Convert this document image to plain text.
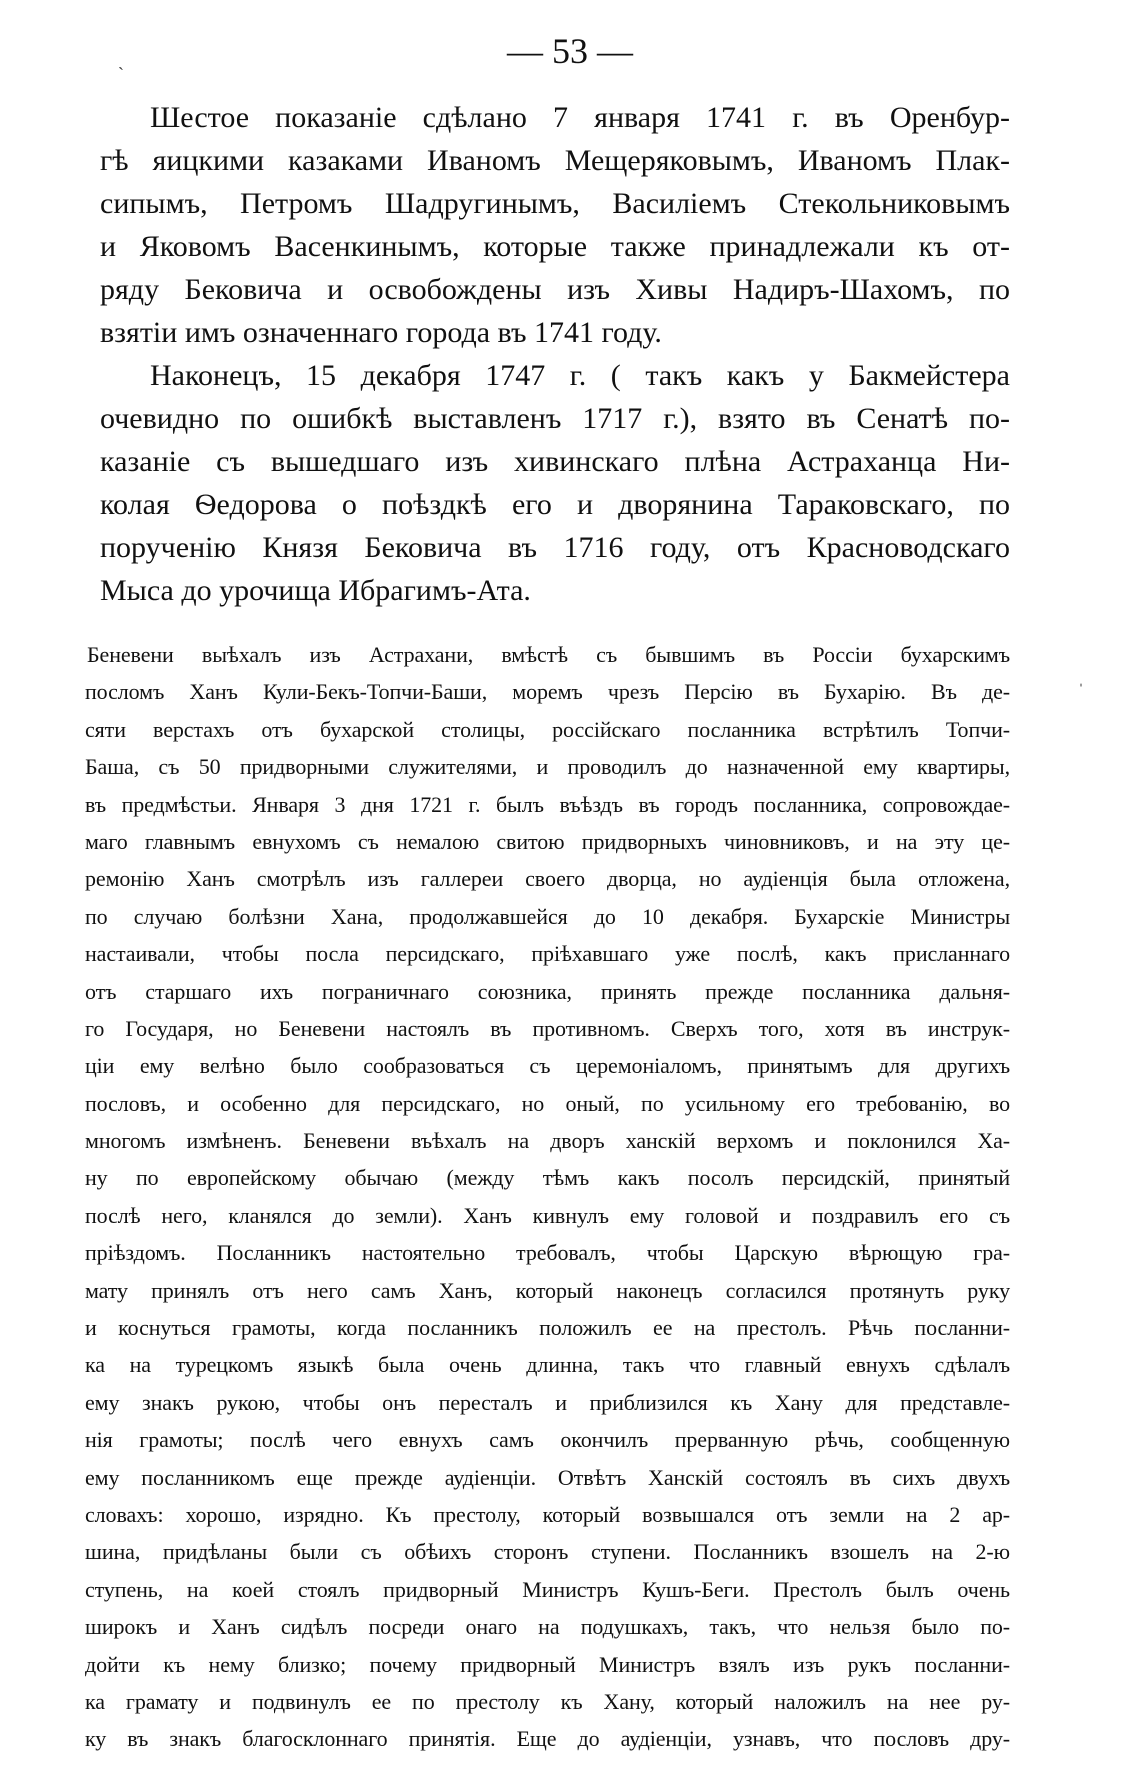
— 53 —
ˎ
ˈ
Шестое показаніе сдѣлано 7 января 1741 г. въ Оренбур-
гѣ яицкими казаками Иваномъ Мещеряковымъ, Иваномъ Плак-
сипымъ, Петромъ Шадругинымъ, Василіемъ Стекольниковымъ
и Яковомъ Васенкинымъ, которые также принадлежали къ от-
ряду Бековича и освобождены изъ Хивы Надиръ-Шахомъ, по
взятіи имъ означеннаго города въ 1741 году.
Наконецъ, 15 декабря 1747 г. ( такъ какъ у Бакмейстера
очевидно по ошибкѣ выставленъ 1717 г.), взято въ Сенатѣ по-
казаніе съ вышедшаго изъ хивинскаго плѣна Астраханца Ни-
колая Ѳедорова о поѣздкѣ его и дворянина Тараковскаго, по
порученію Князя Бековича въ 1716 году, отъ Красноводскаго
Мыса до урочища Ибрагимъ-Ата.
Беневени выѣхалъ изъ Астрахани, вмѣстѣ съ бывшимъ въ Россіи бухарскимъ
посломъ Ханъ Кули-Бекъ-Топчи-Баши, моремъ чрезъ Персію въ Бухарію. Въ де-
сяти верстахъ отъ бухарской столицы, россійскаго посланника встрѣтилъ Топчи-
Баша, съ 50 придворными служителями, и проводилъ до назначенной ему квартиры,
въ предмѣстьи. Января 3 дня 1721 г. былъ въѣздъ въ городъ посланника, сопровождае-
маго главнымъ евнухомъ съ немалою свитою придворныхъ чиновниковъ, и на эту це-
ремонію Ханъ смотрѣлъ изъ галлереи своего дворца, но аудіенція была отложена,
по случаю болѣзни Хана, продолжавшейся до 10 декабря. Бухарскіе Министры
настаивали, чтобы посла персидскаго, пріѣхавшаго уже послѣ, какъ присланнаго
отъ старшаго ихъ пограничнаго союзника, принять прежде посланника дальня-
го Государя, но Беневени настоялъ въ противномъ. Сверхъ того, хотя въ инструк-
ціи ему велѣно было сообразоваться съ церемоніаломъ, принятымъ для другихъ
пословъ, и особенно для персидскаго, но оный, по усильному его требованію, во
многомъ измѣненъ. Беневени въѣхалъ на дворъ ханскій верхомъ и поклонился Ха-
ну по европейскому обычаю (между тѣмъ какъ посолъ персидскій, принятый
послѣ него, кланялся до земли). Ханъ кивнулъ ему головой и поздравилъ его съ
пріѣздомъ. Посланникъ настоятельно требовалъ, чтобы Царскую вѣрющую гра-
мату принялъ отъ него самъ Ханъ, который наконецъ согласился протянуть руку
и коснуться грамоты, когда посланникъ положилъ ее на престолъ. Рѣчь посланни-
ка на турецкомъ языкѣ была очень длинна, такъ что главный евнухъ сдѣлалъ
ему знакъ рукою, чтобы онъ пересталъ и приблизился къ Хану для представле-
нія грамоты; послѣ чего евнухъ самъ окончилъ прерванную рѣчь, сообщенную
ему посланникомъ еще прежде аудіенціи. Отвѣтъ Ханскій состоялъ въ сихъ двухъ
словахъ: хорошо, изрядно. Къ престолу, который возвышался отъ земли на 2 ар-
шина, придѣланы были съ обѣихъ сторонъ ступени. Посланникъ взошелъ на 2-ю
ступень, на коей стоялъ придворный Министръ Кушъ-Беги. Престолъ былъ очень
широкъ и Ханъ сидѣлъ посреди онаго на подушкахъ, такъ, что нельзя было по-
дойти къ нему близко; почему придворный Министръ взялъ изъ рукъ посланни-
ка грамату и подвинулъ ее по престолу къ Хану, который наложилъ на нее ру-
ку въ знакъ благосклоннаго принятія. Еще до аудіенціи, узнавъ, что пословъ дру-
